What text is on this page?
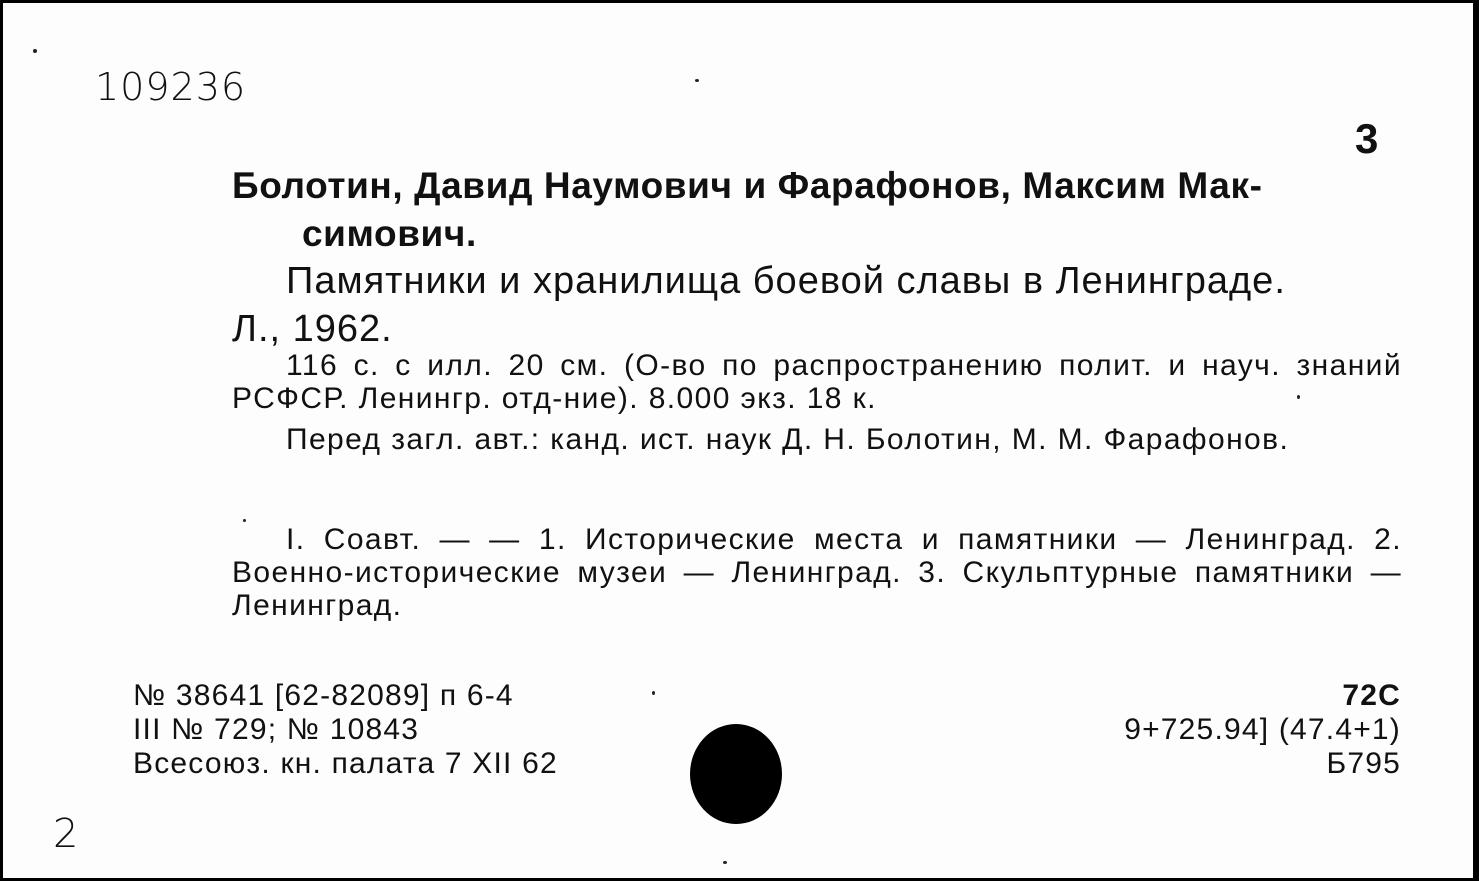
109236
3
Болотин, Давид Наумович и Фарафонов, Максим Мак-
симович.
Памятники и хранилища боевой славы в Ленинграде.
Л., 1962.
116 с. с илл. 20 см. (О-во по распространению полит. и науч. знаний РСФСР. Ленингр. отд-ние). 8.000 экз. 18 к.
Перед загл. авт.: канд. ист. наук Д. Н. Болотин, М. М. Фарафонов.
I. Соавт. — — 1. Исторические места и памятники — Ленинград. 2. Военно-исторические музеи — Ленинград. 3. Скульптурные памятники — Ленинград.
№ 38641 [62-82089] п 6-4
III № 729; № 10843
Всесоюз. кн. палата 7 XII 62
72С
9+725.94] (47.4+1)
Б795
2
